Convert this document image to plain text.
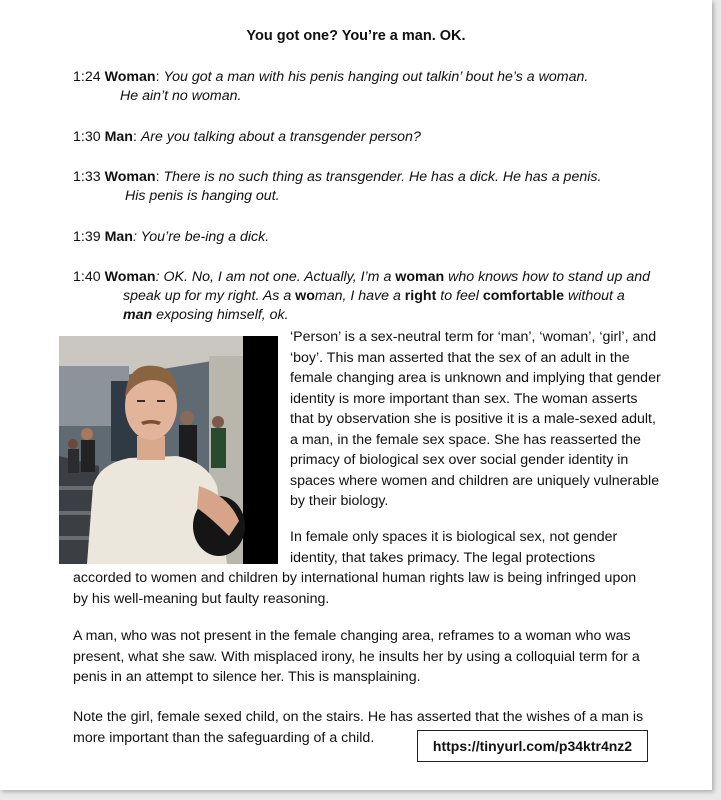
You got one? You’re a man. OK.
1:24 Woman: You got a man with his penis hanging out talkin’ bout he’s a woman.
He ain’t no woman.
1:30 Man: Are you talking about a transgender person?
1:33 Woman: There is no such thing as transgender. He has a dick. He has a penis.
His penis is hanging out.
1:39 Man: You’re be-ing a dick.
1:40 Woman: OK. No, I am not one. Actually, I’m a woman who knows how to stand up and
speak up for my right. As a woman, I have a right to feel comfortable without a
man exposing himself, ok.
‘Person’ is a sex-neutral term for ‘man’, ‘woman’, ‘girl’, and
‘boy’. This man asserted that the sex of an adult in the
female changing area is unknown and implying that gender
identity is more important than sex. The woman asserts
that by observation she is positive it is a male-sexed adult,
a man, in the female sex space. She has reasserted the
primacy of biological sex over social gender identity in
spaces where women and children are uniquely vulnerable
by their biology.
In female only spaces it is biological sex, not gender
identity, that takes primacy. The legal protections
accorded to women and children by international human rights law is being infringed upon
by his well-meaning but faulty reasoning.
A man, who was not present in the female changing area, reframes to a woman who was
present, what she saw. With misplaced irony, he insults her by using a colloquial term for a
penis in an attempt to silence her. This is mansplaining.
Note the girl, female sexed child, on the stairs. He has asserted that the wishes of a man is
more important than the safeguarding of a child.
https://tinyurl.com/p34ktr4nz2
